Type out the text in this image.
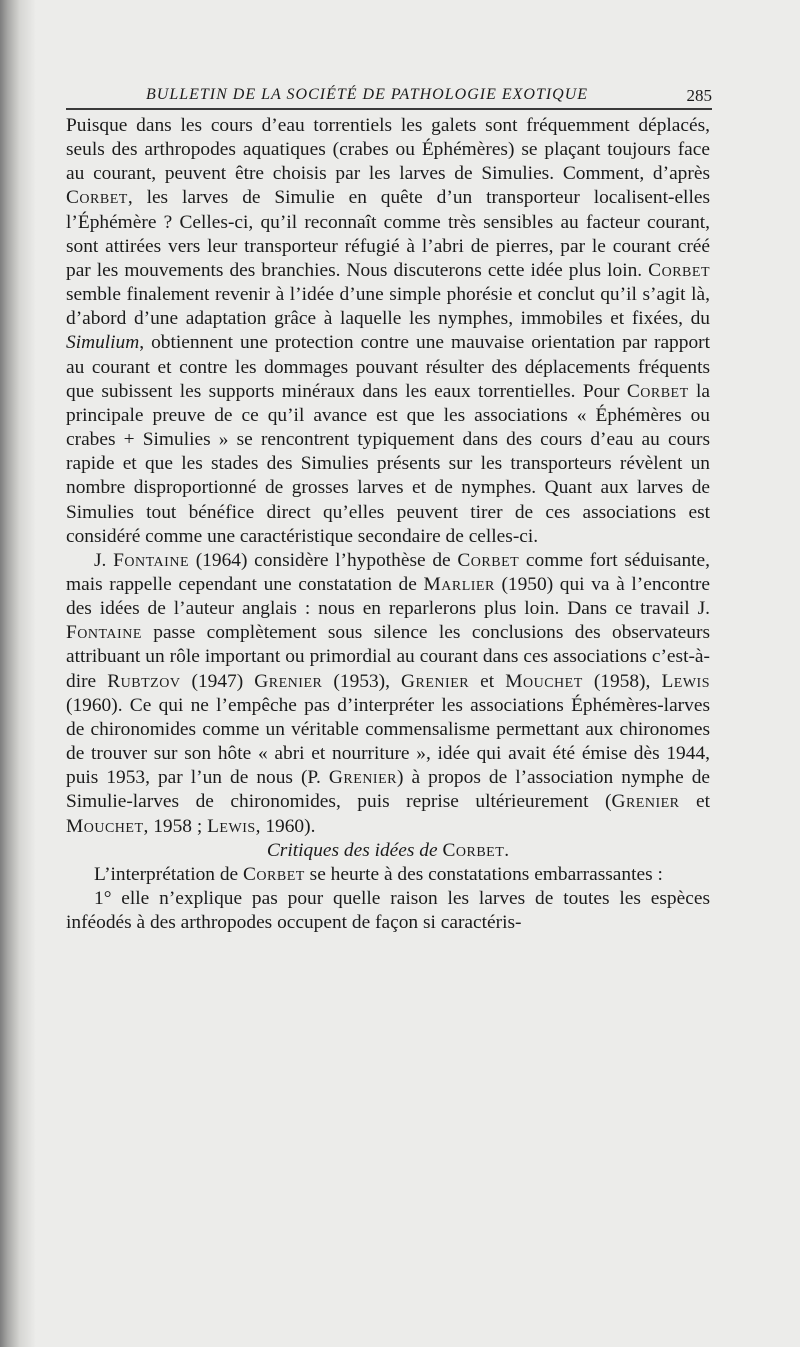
BULLETIN DE LA SOCIÉTÉ DE PATHOLOGIE EXOTIQUE	285

Puisque dans les cours d’eau torrentiels les galets sont fréquemment déplacés, seuls des arthropodes aquatiques (crabes ou Éphémères) se plaçant toujours face au courant, peuvent être choisis par les larves de Simulies. Comment, d’après Corbet, les larves de Simulie en quête d’un transporteur localisent-elles l’Éphémère ? Celles-ci, qu’il reconnaît comme très sensibles au facteur courant, sont attirées vers leur transporteur réfugié à l’abri de pierres, par le courant créé par les mouvements des branchies. Nous discuterons cette idée plus loin. Corbet semble finalement revenir à l’idée d’une simple phorésie et conclut qu’il s’agit là, d’abord d’une adaptation grâce à laquelle les nymphes, immobiles et fixées, du Simulium, obtiennent une protection contre une mauvaise orientation par rapport au courant et contre les dommages pouvant résulter des déplacements fréquents que subissent les supports minéraux dans les eaux torrentielles. Pour Corbet la principale preuve de ce qu’il avance est que les associations « Éphémères ou crabes + Simulies » se rencontrent typiquement dans des cours d’eau au cours rapide et que les stades des Simulies présents sur les transporteurs révèlent un nombre disproportionné de grosses larves et de nymphes. Quant aux larves de Simulies tout bénéfice direct qu’elles peuvent tirer de ces associations est considéré comme une caractéristique secondaire de celles-ci.

J. Fontaine (1964) considère l’hypothèse de Corbet comme fort séduisante, mais rappelle cependant une constatation de Marlier (1950) qui va à l’encontre des idées de l’auteur anglais : nous en reparlerons plus loin. Dans ce travail J. Fontaine passe complètement sous silence les conclusions des observateurs attribuant un rôle important ou primordial au courant dans ces associations c’est-à-dire Rubtzov (1947) Grenier (1953), Grenier et Mouchet (1958), Lewis (1960). Ce qui ne l’empêche pas d’interpréter les associations Éphémères-larves de chironomides comme un véritable commensalisme permettant aux chironomes de trouver sur son hôte « abri et nourriture », idée qui avait été émise dès 1944, puis 1953, par l’un de nous (P. Grenier) à propos de l’association nymphe de Simulie-larves de chironomides, puis reprise ultérieurement (Grenier et Mouchet, 1958 ; Lewis, 1960).

Critiques des idées de Corbet.

L’interprétation de Corbet se heurte à des constatations embarrassantes :

1° elle n’explique pas pour quelle raison les larves de toutes les espèces inféodés à des arthropodes occupent de façon si caractéris-
